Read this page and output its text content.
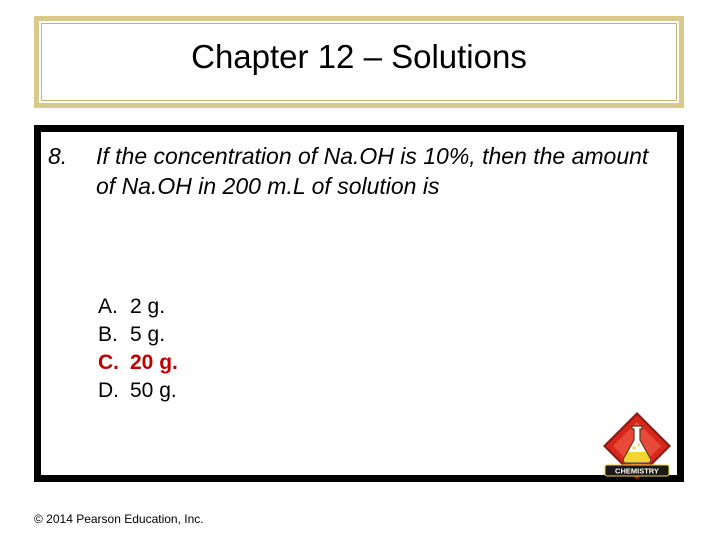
Chapter 12 – Solutions
8. If the concentration of Na.OH is 10%, then the amount of Na.OH in 200 m.L of solution is
A. 2 g.
B. 5 g.
C. 20 g.
D. 50 g.
CHEMISTRY
© 2014 Pearson Education, Inc.
